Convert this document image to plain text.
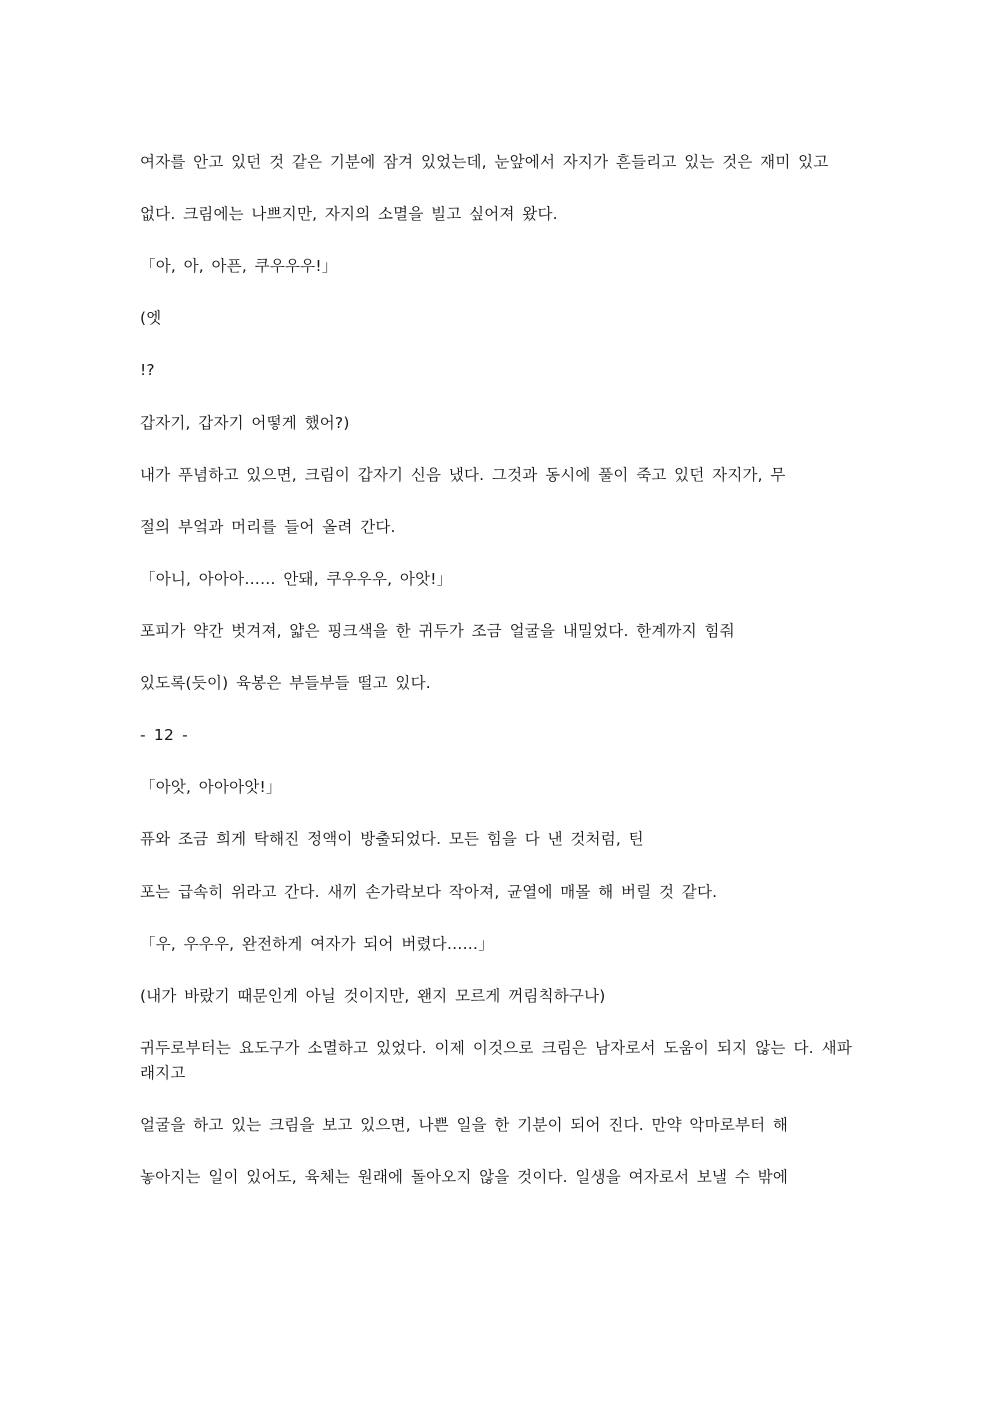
여자를 안고 있던 것 같은 기분에 잠겨 있었는데, 눈앞에서 자지가 흔들리고 있는 것은 재미 있고

없다. 크림에는 나쁘지만, 자지의 소멸을 빌고 싶어져 왔다.

「아, 아, 아픈, 쿠우우우!」

(엣

!?

갑자기, 갑자기 어떻게 했어?)

내가 푸념하고 있으면, 크림이 갑자기 신음 냈다. 그것과 동시에 풀이 죽고 있던 자지가, 무

절의 부엌과 머리를 들어 올려 간다.

「아니, 아아아…… 안돼, 쿠우우우, 아앗!」

포피가 약간 벗겨져, 얇은 핑크색을 한 귀두가 조금 얼굴을 내밀었다. 한계까지 힘줘

있도록(듯이) 육봉은 부들부들 떨고 있다.

- 12 -

「아앗, 아아아앗!」

퓨와 조금 희게 탁해진 정액이 방출되었다. 모든 힘을 다 낸 것처럼, 틴

포는 급속히 위라고 간다. 새끼 손가락보다 작아져, 균열에 매몰 해 버릴 것 같다.

「우, 우우우, 완전하게 여자가 되어 버렸다……」

(내가 바랐기 때문인게 아닐 것이지만, 왠지 모르게 꺼림칙하구나)

귀두로부터는 요도구가 소멸하고 있었다. 이제 이것으로 크림은 남자로서 도움이 되지 않는 다. 새파래지고

얼굴을 하고 있는 크림을 보고 있으면, 나쁜 일을 한 기분이 되어 진다. 만약 악마로부터 해

놓아지는 일이 있어도, 육체는 원래에 돌아오지 않을 것이다. 일생을 여자로서 보낼 수 밖에
